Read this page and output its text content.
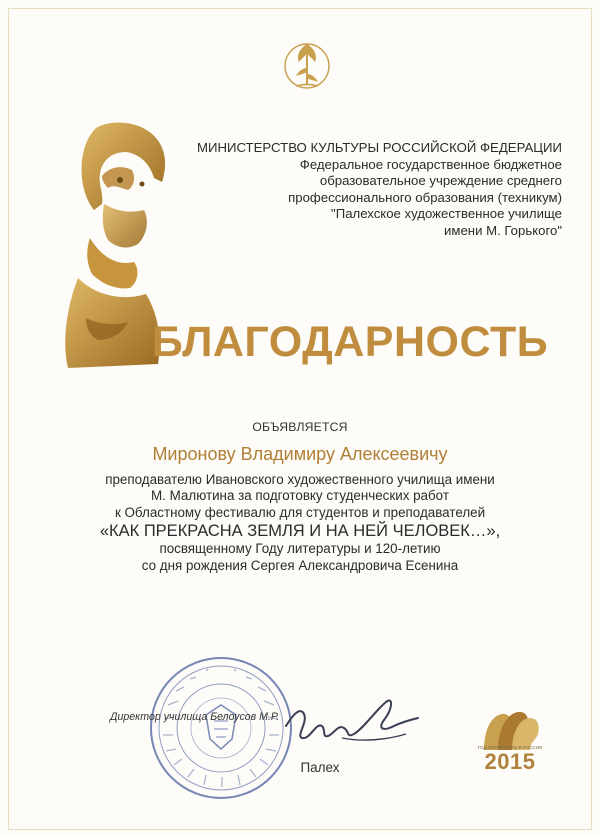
МИНИСТЕРСТВО КУЛЬТУРЫ РОССИЙСКОЙ ФЕДЕРАЦИИ
Федеральное государственное бюджетное
образовательное учреждение среднего
профессионального образования (техникум)
"Палехское художественное училище
имени М. Горького"
БЛАГОДАРНОСТЬ
ОБЪЯВЛЯЕТСЯ
Миронову Владимиру Алексеевичу
преподавателю Ивановского художественного училища имени
М. Малютина за подготовку студенческих работ
к Областному фестивалю для студентов и преподавателей
«КАК ПРЕКРАСНА ЗЕМЛЯ И НА НЕЙ ЧЕЛОВЕК…»,
посвященному Году литературы и 120-летию
со дня рождения Сергея Александровича Есенина
Директор училища Белоусов М.Р.
Палех
ГОД ЛИТЕРАТУРЫ В РОССИИ
2015
